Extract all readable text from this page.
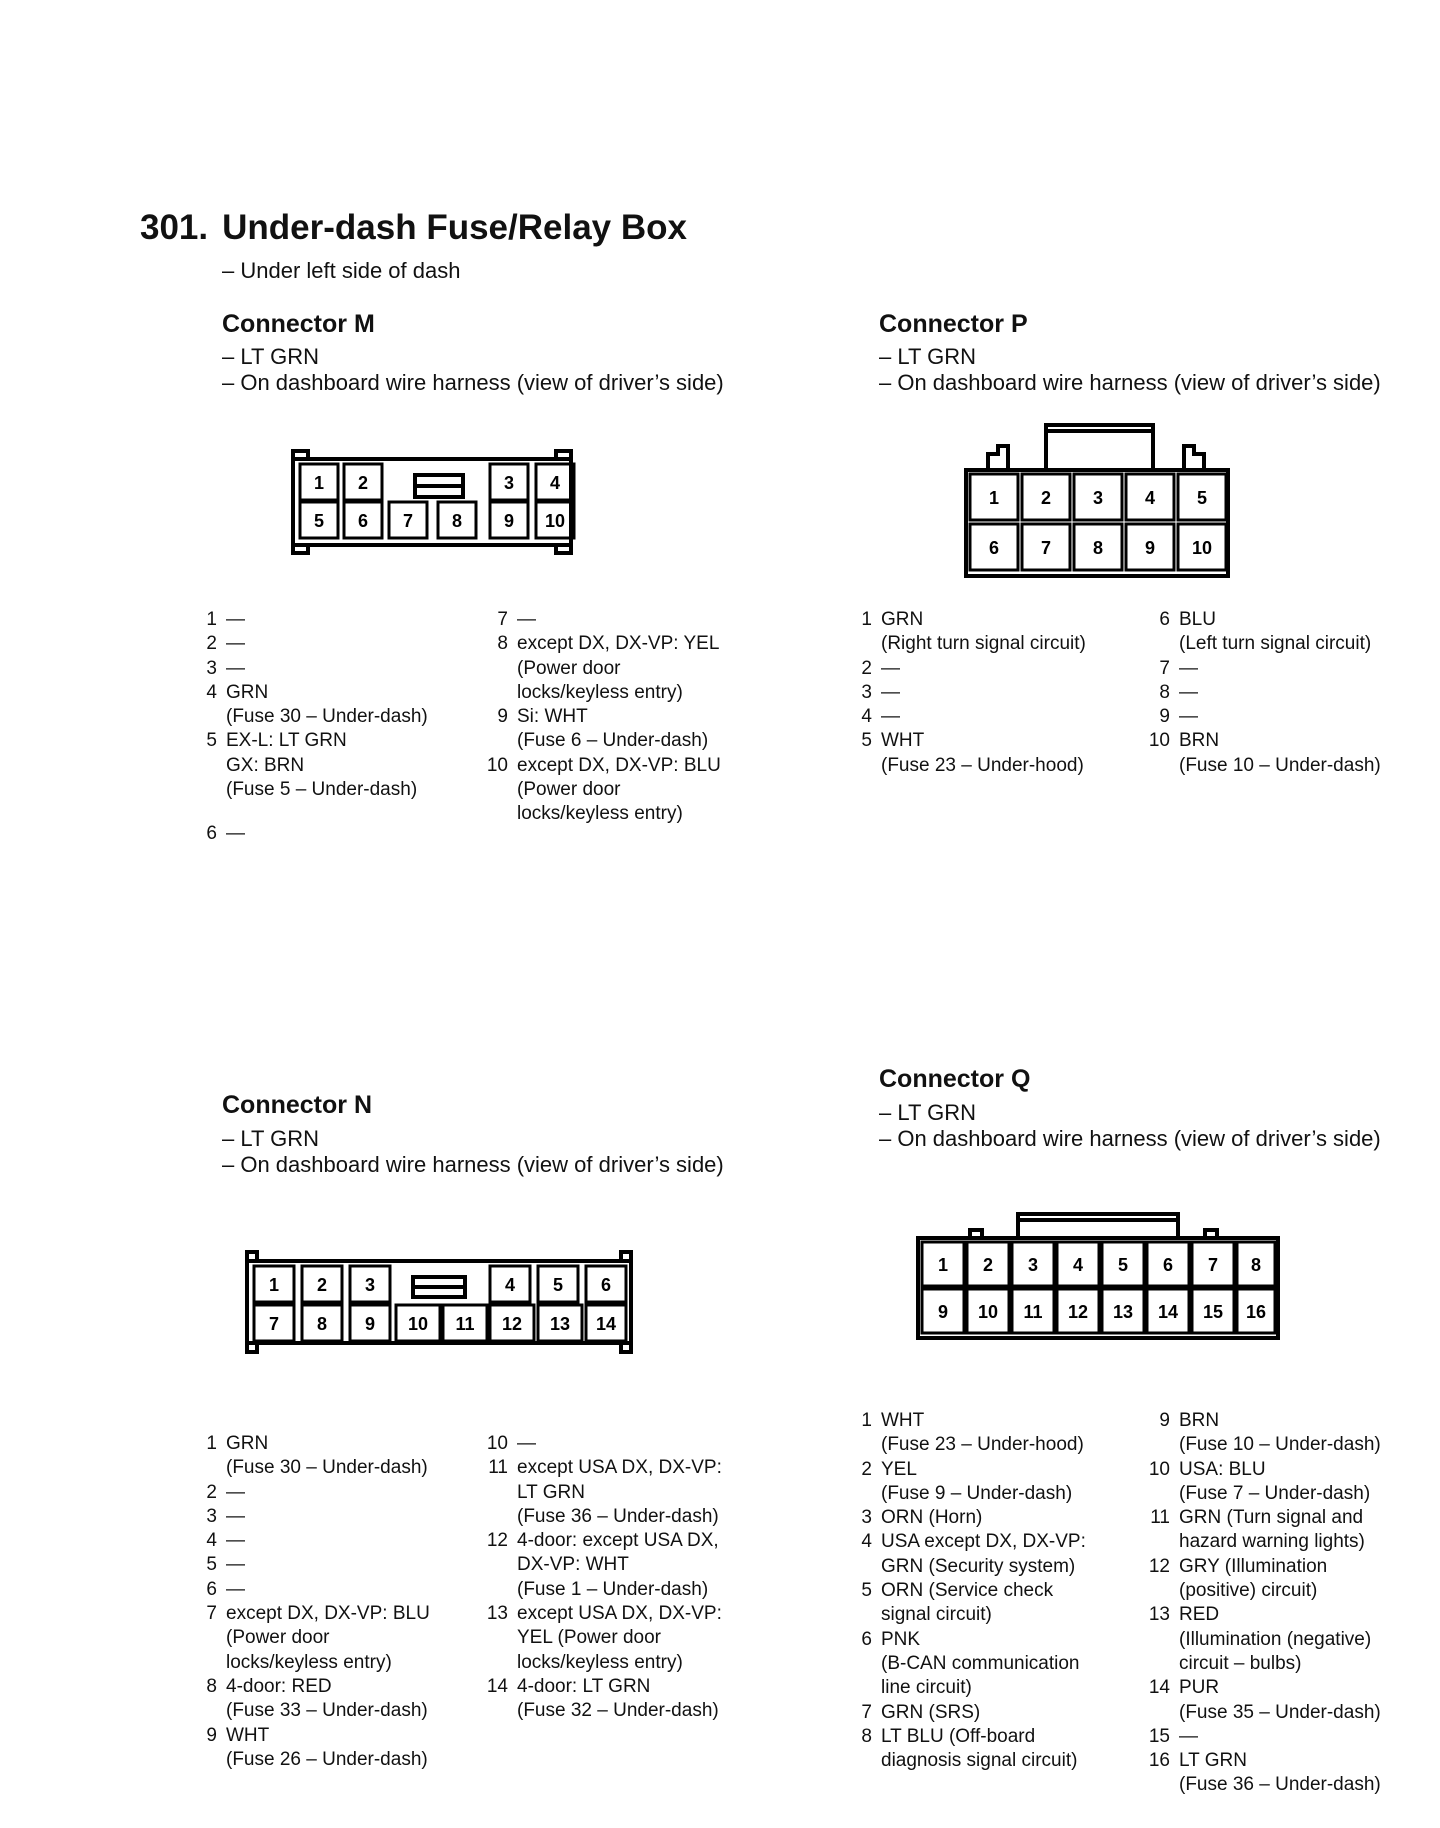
301. Under-dash Fuse/Relay Box
– Under left side of dash
Connector M
– LT GRN
– On dashboard wire harness (view of driver’s side)
1 2	3 4
5 6 7 8 9 10
1 —
2 —
3 —
4 GRN
(Fuse 30 – Under-dash)
5 EX-L: LT GRN
GX: BRN
(Fuse 5 – Under-dash)
6 —
7 —
8 except DX, DX-VP: YEL
(Power door
locks/keyless entry)
9 Si: WHT
(Fuse 6 – Under-dash)
10 except DX, DX-VP: BLU
(Power door
locks/keyless entry)
Connector P
– LT GRN
– On dashboard wire harness (view of driver’s side)
1 2 3 4 5
6 7 8 9 10
1 GRN
(Right turn signal circuit)
2 —
3 —
4 —
5 WHT
(Fuse 23 – Under-hood)
6 BLU
(Left turn signal circuit)
7 —
8 —
9 —
10 BRN
(Fuse 10 – Under-dash)
Connector N
– LT GRN
– On dashboard wire harness (view of driver’s side)
1 2 3	4 5 6
7 8 9 10 11 12 13 14
1 GRN
(Fuse 30 – Under-dash)
2 —
3 —
4 —
5 —
6 —
7 except DX, DX-VP: BLU
(Power door
locks/keyless entry)
8 4-door: RED
(Fuse 33 – Under-dash)
9 WHT
(Fuse 26 – Under-dash)
10 —
11 except USA DX, DX-VP:
LT GRN
(Fuse 36 – Under-dash)
12 4-door: except USA DX,
DX-VP: WHT
(Fuse 1 – Under-dash)
13 except USA DX, DX-VP:
YEL (Power door
locks/keyless entry)
14 4-door: LT GRN
(Fuse 32 – Under-dash)
Connector Q
– LT GRN
– On dashboard wire harness (view of driver’s side)
1 2 3 4 5 6 7 8
9 10 11 12 13 14 15 16
1 WHT
(Fuse 23 – Under-hood)
2 YEL
(Fuse 9 – Under-dash)
3 ORN (Horn)
4 USA except DX, DX-VP:
GRN (Security system)
5 ORN (Service check
signal circuit)
6 PNK
(B-CAN communication
line circuit)
7 GRN (SRS)
8 LT BLU (Off-board
diagnosis signal circuit)
9 BRN
(Fuse 10 – Under-dash)
10 USA: BLU
(Fuse 7 – Under-dash)
11 GRN (Turn signal and
hazard warning lights)
12 GRY (Illumination
(positive) circuit)
13 RED
(Illumination (negative)
circuit – bulbs)
14 PUR
(Fuse 35 – Under-dash)
15 —
16 LT GRN
(Fuse 36 – Under-dash)
